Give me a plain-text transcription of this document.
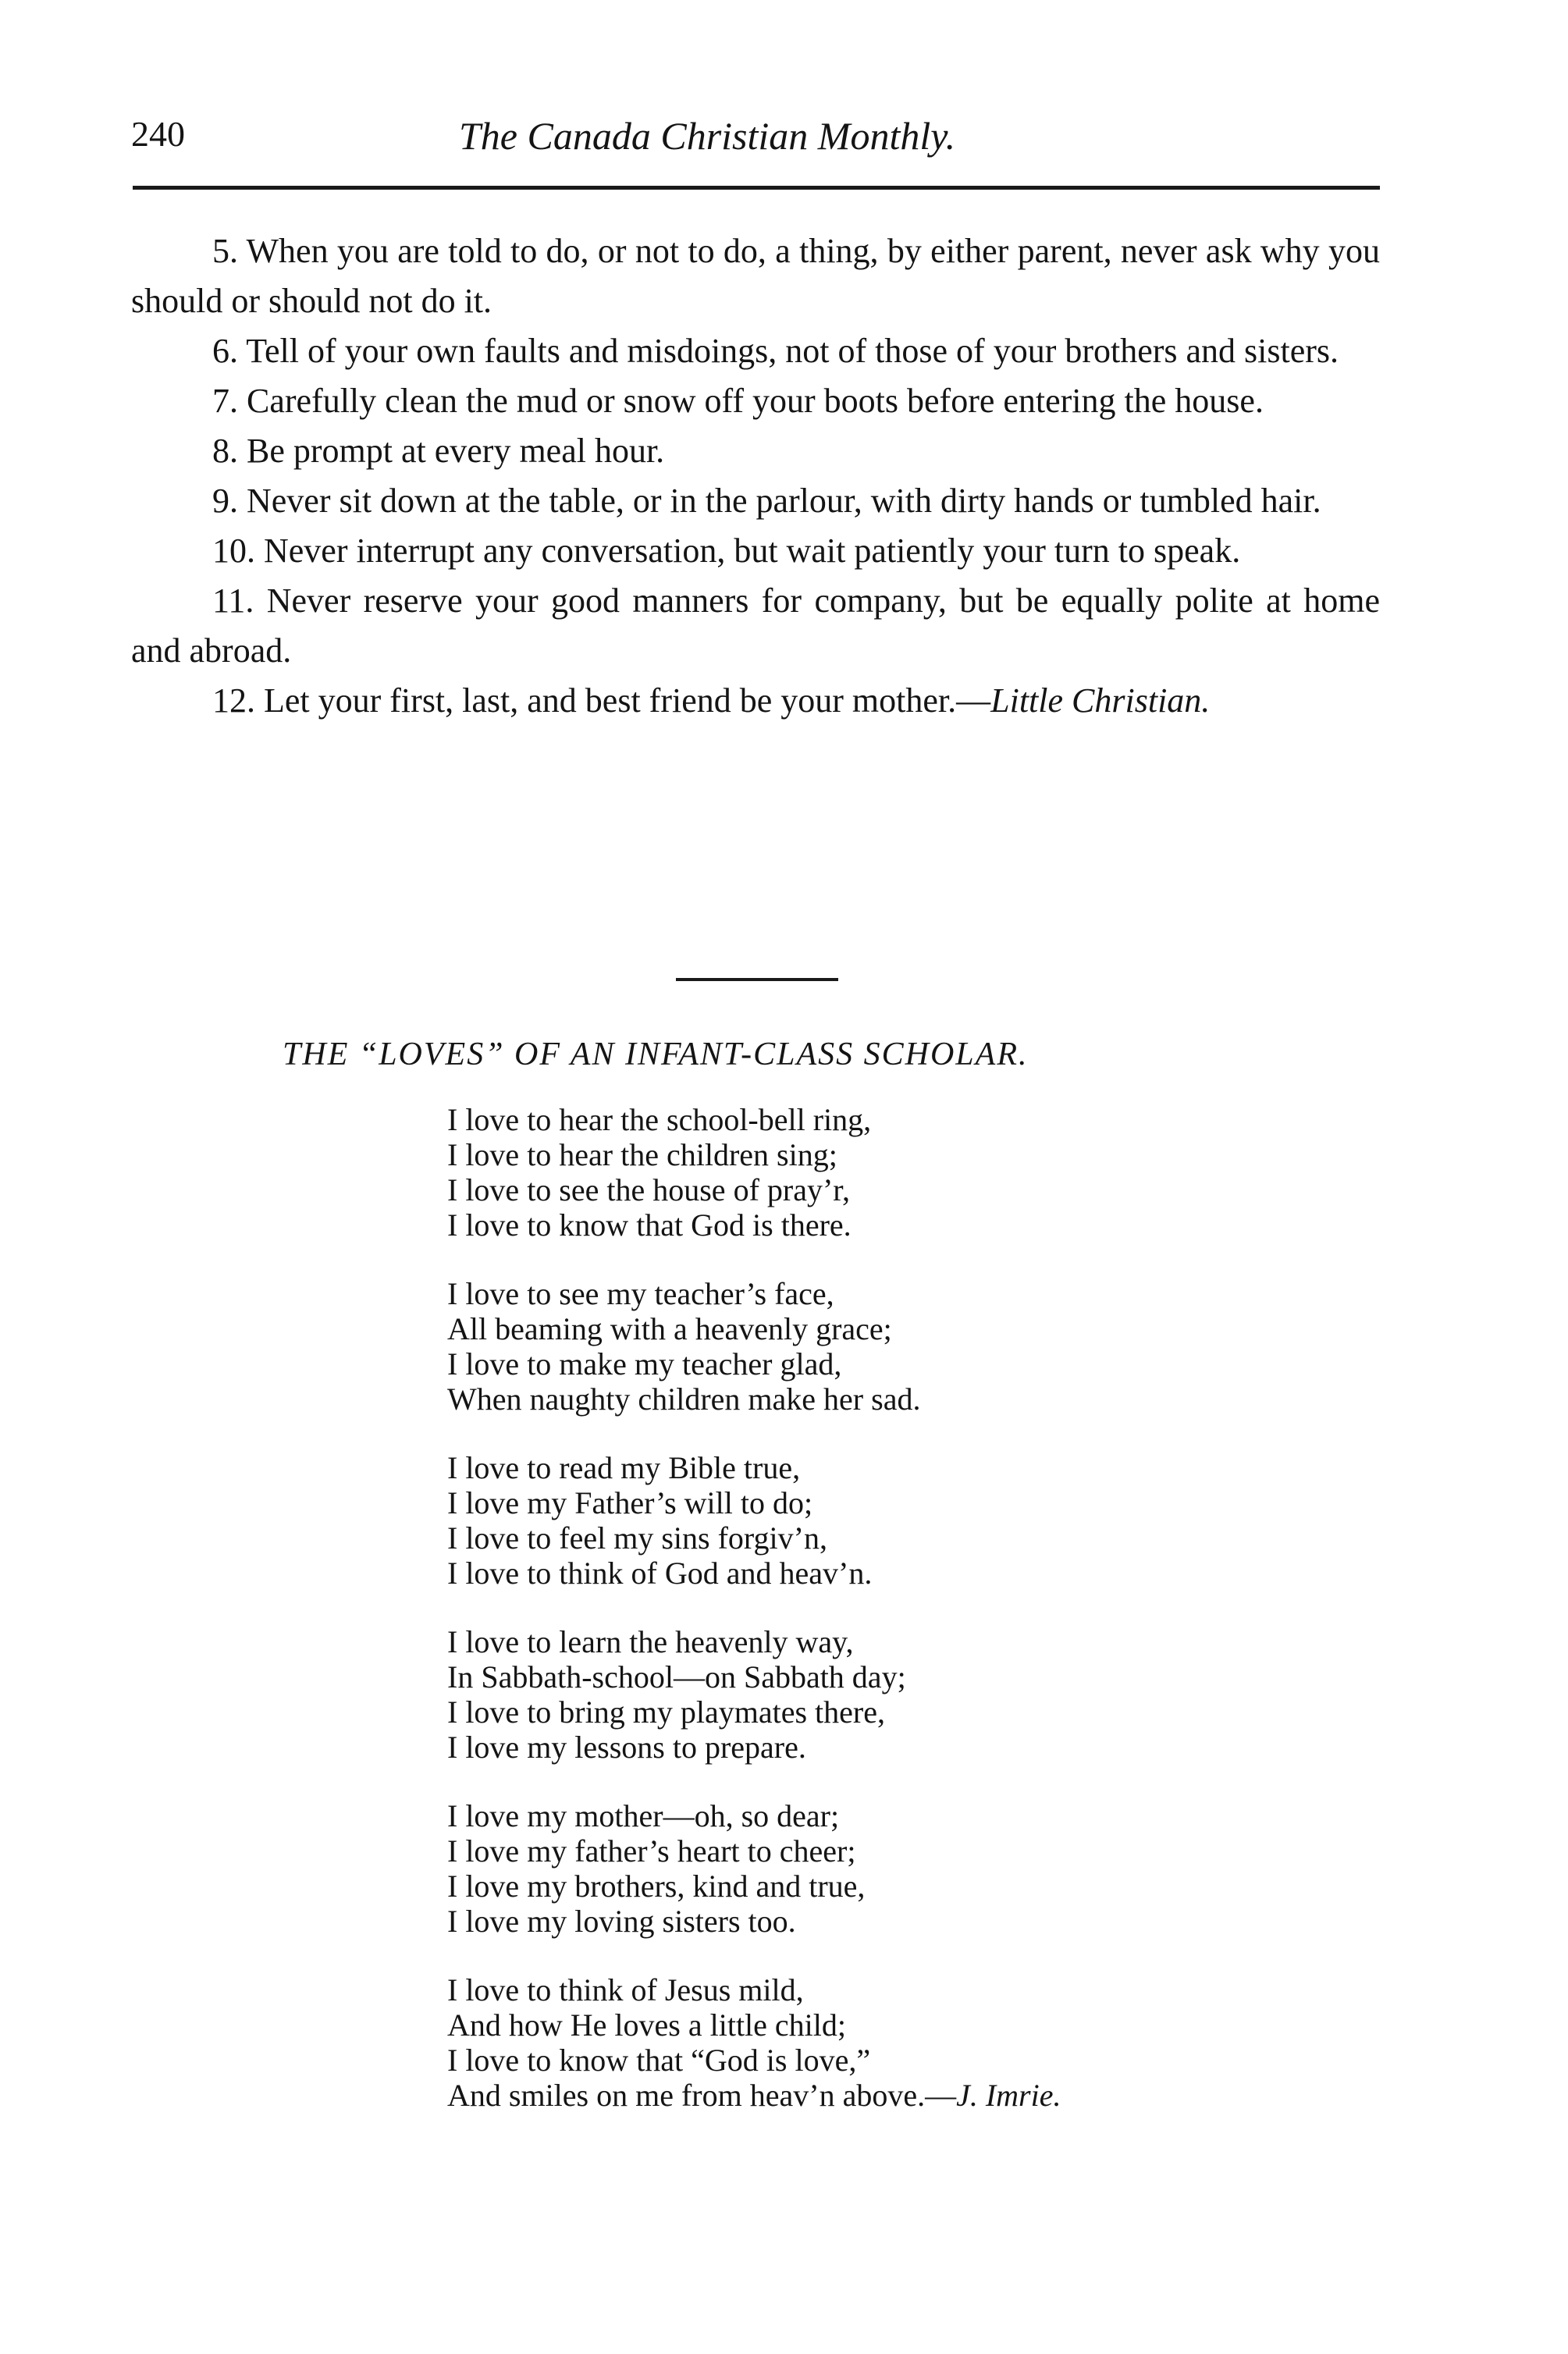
240	The Canada Christian Monthly.
5. When you are told to do, or not to do, a thing, by either parent, never ask why you should or should not do it.
6. Tell of your own faults and misdoings, not of those of your brothers and sisters.
7. Carefully clean the mud or snow off your boots before entering the house.
8. Be prompt at every meal hour.
9. Never sit down at the table, or in the parlour, with dirty hands or tumbled hair.
10. Never interrupt any conversation, but wait patiently your turn to speak.
11. Never reserve your good manners for company, but be equally polite at home and abroad.
12. Let your first, last, and best friend be your mother.—Little Christian.
THE “LOVES” OF AN INFANT-CLASS SCHOLAR.
I love to hear the school-bell ring,
I love to hear the children sing;
I love to see the house of pray’r,
I love to know that God is there.
I love to see my teacher’s face,
All beaming with a heavenly grace;
I love to make my teacher glad,
When naughty children make her sad.
I love to read my Bible true,
I love my Father’s will to do;
I love to feel my sins forgiv’n,
I love to think of God and heav’n.
I love to learn the heavenly way,
In Sabbath-school—on Sabbath day;
I love to bring my playmates there,
I love my lessons to prepare.
I love my mother—oh, so dear;
I love my father’s heart to cheer;
I love my brothers, kind and true,
I love my loving sisters too.
I love to think of Jesus mild,
And how He loves a little child;
I love to know that “God is love,”
And smiles on me from heav’n above.—J. Imrie.
